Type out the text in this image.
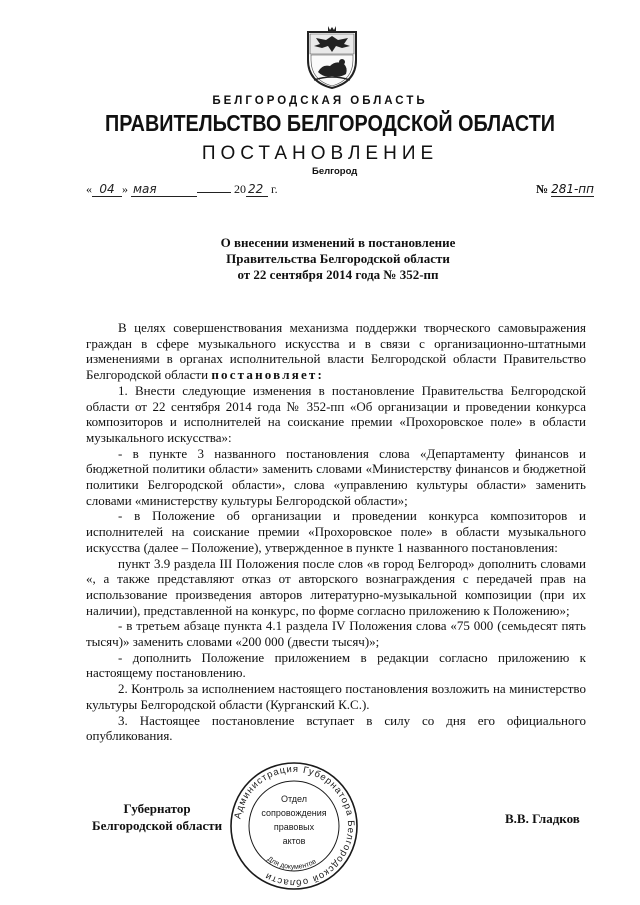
БЕЛГОРОДСКАЯ ОБЛАСТЬ
ПРАВИТЕЛЬСТВО БЕЛГОРОДСКОЙ ОБЛАСТИ
ПОСТАНОВЛЕНИЕ
Белгород
« 04 » мая	20 22 г.	№ 281-пп
О внесении изменений в постановление
Правительства Белгородской области
от 22 сентября 2014 года № 352-пп

В целях совершенствования механизма поддержки творческого самовыражения граждан в сфере музыкального искусства и в связи с организационно-штатными изменениями в органах исполнительной власти Белгородской области Правительство Белгородской области постановляет:

1. Внести следующие изменения в постановление Правительства Белгородской области от 22 сентября 2014 года № 352-пп «Об организации и проведении конкурса композиторов и исполнителей на соискание премии «Прохоровское поле» в области музыкального искусства»:

- в пункте 3 названного постановления слова «Департаменту финансов и бюджетной политики области» заменить словами «Министерству финансов и бюджетной политики Белгородской области», слова «управлению культуры области» заменить словами «министерству культуры Белгородской области»;

- в Положение об организации и проведении конкурса композиторов и исполнителей на соискание премии «Прохоровское поле» в области музыкального искусства (далее – Положение), утвержденное в пункте 1 названного постановления:

пункт 3.9 раздела III Положения после слов «в город Белгород» дополнить словами «, а также представляют отказ от авторского вознаграждения с передачей прав на использование произведения авторов литературно-музыкальной композиции (при их наличии), представленной на конкурс, по форме согласно приложению к Положению»;

- в третьем абзаце пункта 4.1 раздела IV Положения слова «75 000 (семьдесят пять тысяч)» заменить словами «200 000 (двести тысяч)»;

- дополнить Положение приложением в редакции согласно приложению к настоящему постановлению.

2. Контроль за исполнением настоящего постановления возложить на министерство культуры Белгородской области (Курганский К.С.).

3. Настоящее постановление вступает в силу со дня его официального опубликования.

Администрация Губернатора Белгородской области
Отдел
сопровождения
правовых
актов
Для документов
Губернатор
Белгородской области	В.В. Гладков
